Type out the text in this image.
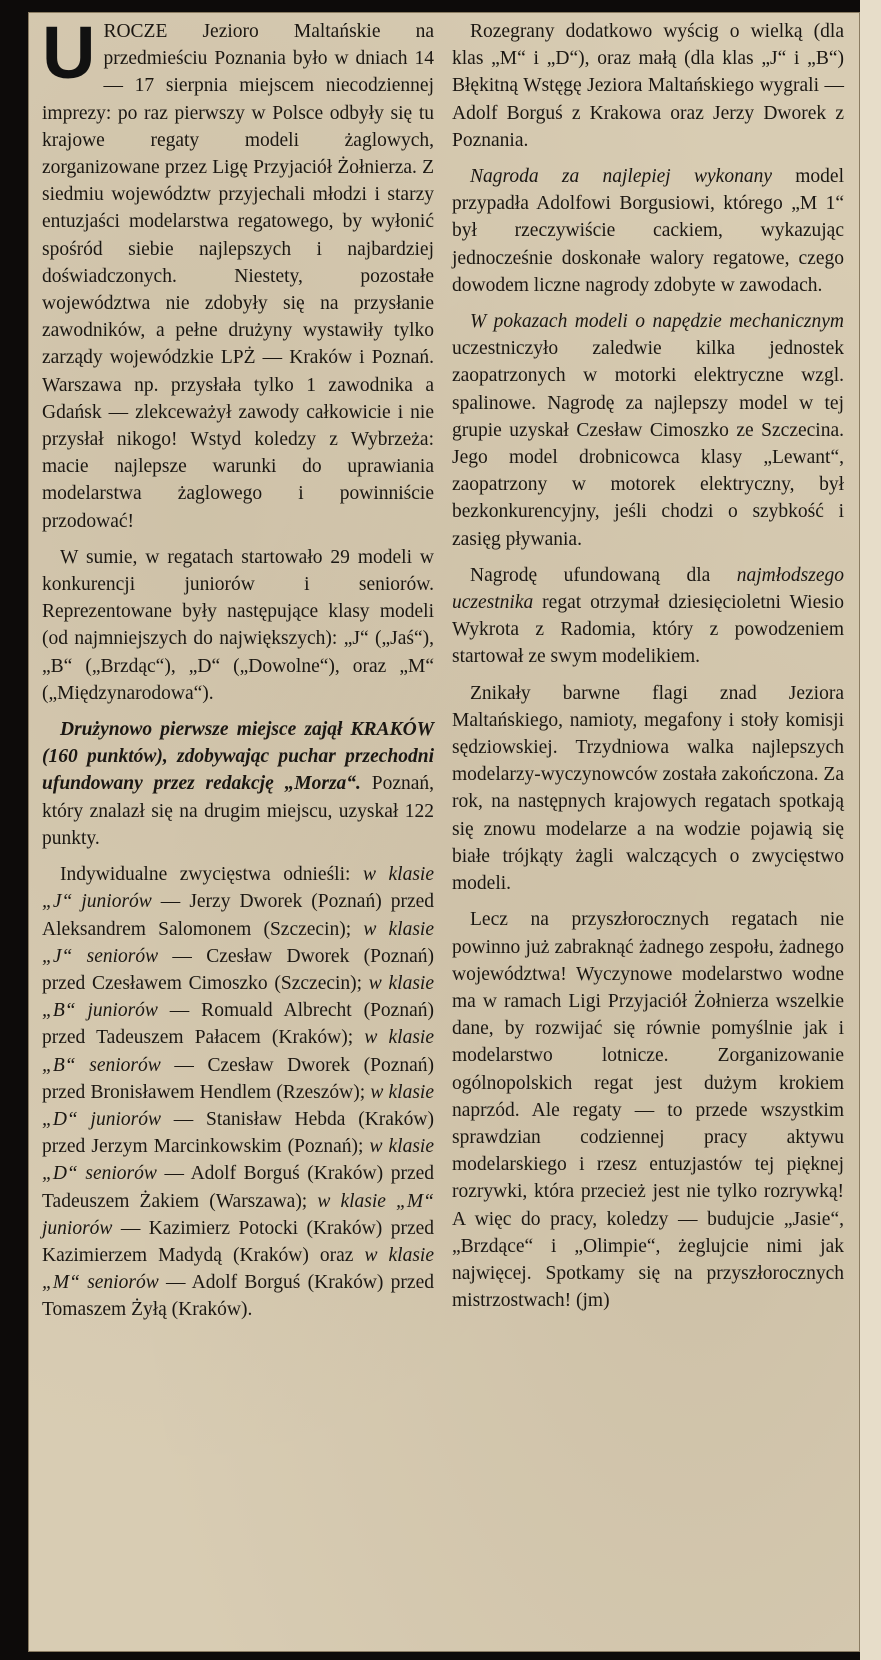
UROCZE Jezioro Maltańskie na przedmieściu Poznania było w dniach 14 — 17 sierpnia miejscem niecodziennej imprezy: po raz pierwszy w Polsce odbyły się tu krajowe regaty modeli żaglowych, zorganizowane przez Ligę Przyjaciół Żołnierza. Z siedmiu województw przyjechali młodzi i starzy entuzjaści modelarstwa regatowego, by wyłonić spośród siebie najlepszych i najbardziej doświadczonych. Niestety, pozostałe województwa nie zdobyły się na przysłanie zawodników, a pełne drużyny wystawiły tylko zarządy wojewódzkie LPŻ — Kraków i Poznań. Warszawa np. przysłała tylko 1 zawodnika a Gdańsk — zlekceważył zawody całkowicie i nie przysłał nikogo! Wstyd koledzy z Wybrzeża: macie najlepsze warunki do uprawiania modelarstwa żaglowego i powinniście przodować!

W sumie, w regatach startowało 29 modeli w konkurencji juniorów i seniorów. Reprezentowane były następujące klasy modeli (od najmniejszych do największych): „J“ („Jaś“), „B“ („Brzdąc“), „D“ („Dowolne“), oraz „M“ („Międzynarodowa“).

Drużynowo pierwsze miejsce zajął KRAKÓW (160 punktów), zdobywając puchar przechodni ufundowany przez redakcję „Morza“. Poznań, który znalazł się na drugim miejscu, uzyskał 122 punkty.

Indywidualne zwycięstwa odnieśli: w klasie „J“ juniorów — Jerzy Dworek (Poznań) przed Aleksandrem Salomonem (Szczecin); w klasie „J“ seniorów — Czesław Dworek (Poznań) przed Czesławem Cimoszko (Szczecin); w klasie „B“ juniorów — Romuald Albrecht (Poznań) przed Tadeuszem Pałacem (Kraków); w klasie „B“ seniorów — Czesław Dworek (Poznań) przed Bronisławem Hendlem (Rzeszów); w klasie „D“ juniorów — Stanisław Hebda (Kraków) przed Jerzym Marcinkowskim (Poznań); w klasie „D“ seniorów — Adolf Borguś (Kraków) przed Tadeuszem Żakiem (Warszawa); w klasie „M“ juniorów — Kazimierz Potocki (Kraków) przed Kazimierzem Madydą (Kraków) oraz w klasie „M“ seniorów — Adolf Borguś (Kraków) przed Tomaszem Żyłą (Kraków).

Rozegrany dodatkowo wyścig o wielką (dla klas „M“ i „D“), oraz małą (dla klas „J“ i „B“) Błękitną Wstęgę Jeziora Maltańskiego wygrali — Adolf Borguś z Krakowa oraz Jerzy Dworek z Poznania.

Nagroda za najlepiej wykonany model przypadła Adolfowi Borgusiowi, którego „M 1“ był rzeczywiście cackiem, wykazując jednocześnie doskonałe walory regatowe, czego dowodem liczne nagrody zdobyte w zawodach.

W pokazach modeli o napędzie mechanicznym uczestniczyło zaledwie kilka jednostek zaopatrzonych w motorki elektryczne wzgl. spalinowe. Nagrodę za najlepszy model w tej grupie uzyskał Czesław Cimoszko ze Szczecina. Jego model drobnicowca klasy „Lewant“, zaopatrzony w motorek elektryczny, był bezkonkurencyjny, jeśli chodzi o szybkość i zasięg pływania.

Nagrodę ufundowaną dla najmłodszego uczestnika regat otrzymał dziesięcioletni Wiesio Wykrota z Radomia, który z powodzeniem startował ze swym modelikiem.

Znikały barwne flagi znad Jeziora Maltańskiego, namioty, megafony i stoły komisji sędziowskiej. Trzydniowa walka najlepszych modelarzy-wyczynowców została zakończona. Za rok, na następnych krajowych regatach spotkają się znowu modelarze a na wodzie pojawią się białe trójkąty żagli walczących o zwycięstwo modeli.

Lecz na przyszłorocznych regatach nie powinno już zabraknąć żadnego zespołu, żadnego województwa! Wyczynowe modelarstwo wodne ma w ramach Ligi Przyjaciół Żołnierza wszelkie dane, by rozwijać się równie pomyślnie jak i modelarstwo lotnicze. Zorganizowanie ogólnopolskich regat jest dużym krokiem naprzód. Ale regaty — to przede wszystkim sprawdzian codziennej pracy aktywu modelarskiego i rzesz entuzjastów tej pięknej rozrywki, która przecież jest nie tylko rozrywką! A więc do pracy, koledzy — budujcie „Jasie“, „Brzdące“ i „Olimpie“, żeglujcie nimi jak najwięcej. Spotkamy się na przyszłorocznych mistrzostwach! (jm)
